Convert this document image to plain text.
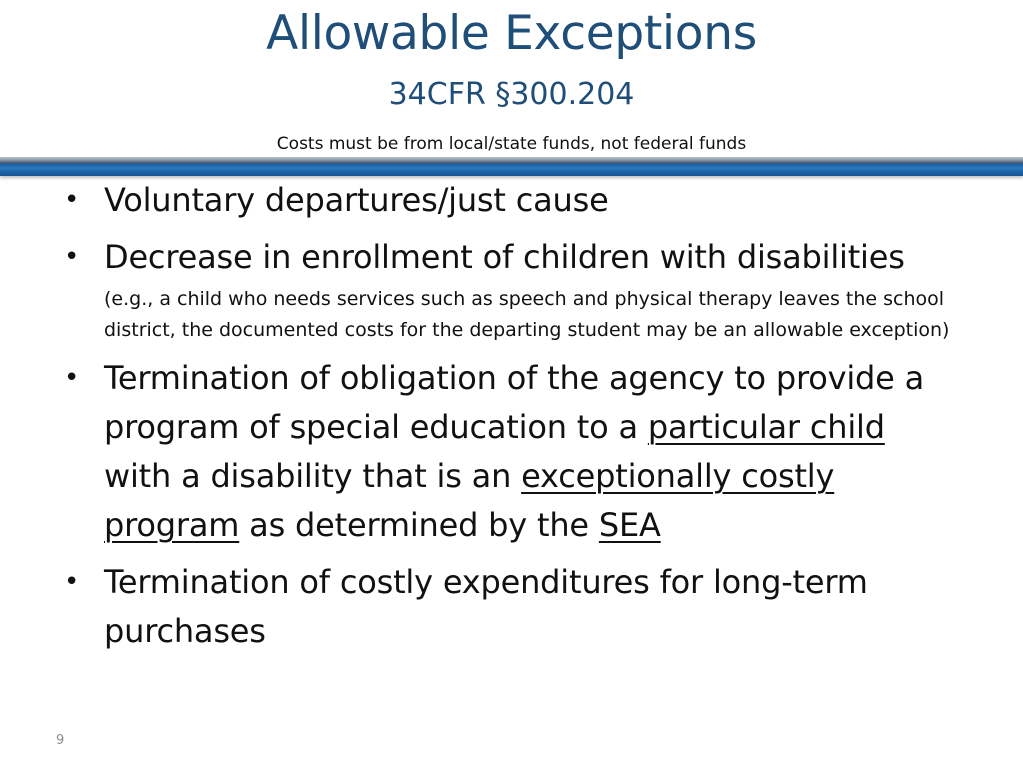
Allowable Exceptions
34CFR §300.204
Costs must be from local/state funds, not federal funds
• Voluntary departures/just cause
• Decrease in enrollment of children with disabilities
(e.g., a child who needs services such as speech and physical therapy leaves the school district, the documented costs for the departing student may be an allowable exception)
• Termination of obligation of the agency to provide a program of special education to a particular child with a disability that is an exceptionally costly program as determined by the SEA
• Termination of costly expenditures for long-term purchases
9
